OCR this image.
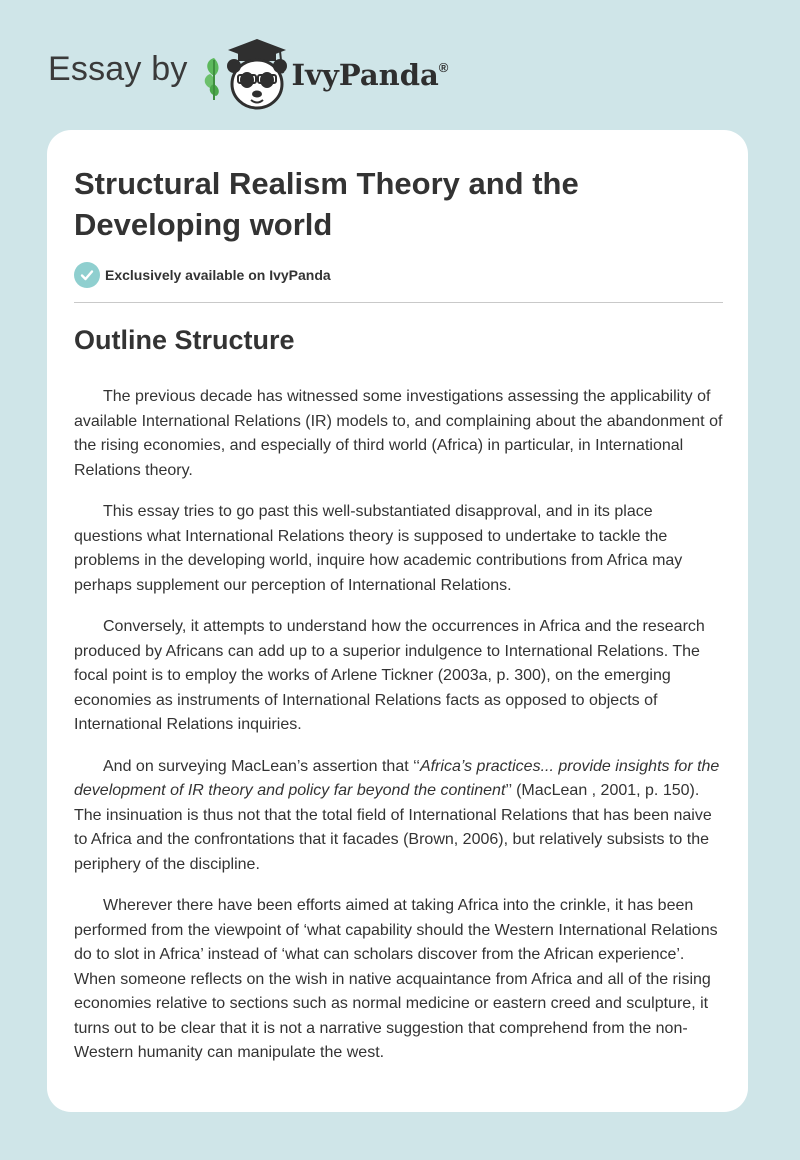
Essay by	IvyPanda®
Structural Realism Theory and the Developing world
Exclusively available on IvyPanda
Outline Structure

The previous decade has witnessed some investigations assessing the applicability of available International Relations (IR) models to, and complaining about the abandonment of the rising economies, and especially of third world (Africa) in particular, in International Relations theory.

This essay tries to go past this well-substantiated disapproval, and in its place questions what International Relations theory is supposed to undertake to tackle the problems in the developing world, inquire how academic contributions from Africa may perhaps supplement our perception of International Relations.

Conversely, it attempts to understand how the occurrences in Africa and the research produced by Africans can add up to a superior indulgence to International Relations. The focal point is to employ the works of Arlene Tickner (2003a, p. 300), on the emerging economies as instruments of International Relations facts as opposed to objects of International Relations inquiries.

And on surveying MacLean’s assertion that ‘‘Africa’s practices... provide insights for the development of IR theory and policy far beyond the continent’’ (MacLean , 2001, p. 150). The insinuation is thus not that the total field of International Relations that has been naive to Africa and the confrontations that it facades (Brown, 2006), but relatively subsists to the periphery of the discipline.

Wherever there have been efforts aimed at taking Africa into the crinkle, it has been performed from the viewpoint of ‘what capability should the Western International Relations do to slot in Africa’ instead of ‘what can scholars discover from the African experience’. When someone reflects on the wish in native acquaintance from Africa and all of the rising economies relative to sections such as normal medicine or eastern creed and sculpture, it turns out to be clear that it is not a narrative suggestion that comprehend from the non- Western humanity can manipulate the west.
